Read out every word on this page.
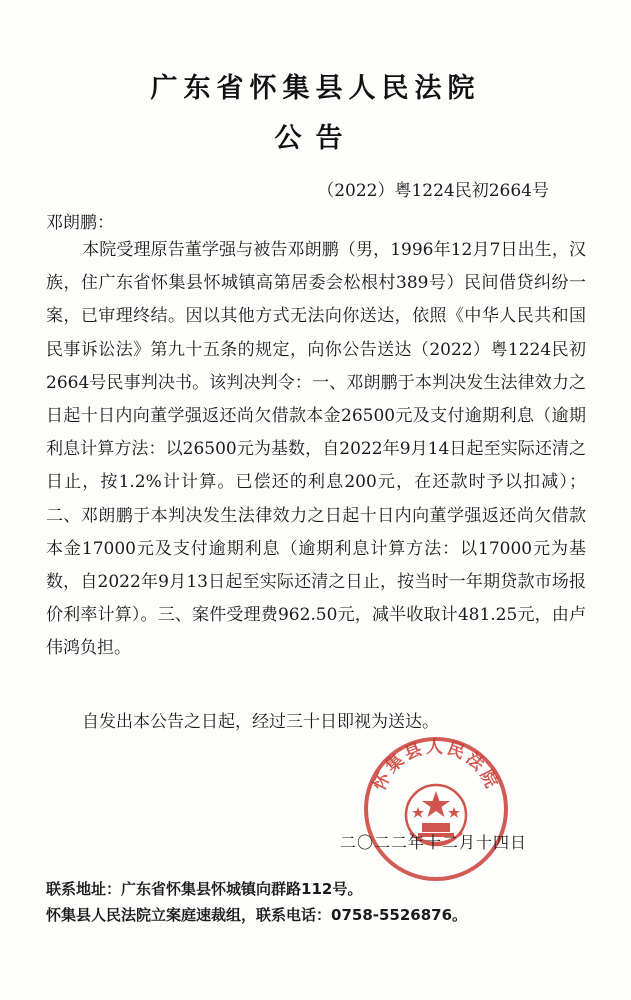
广东省怀集县人民法院
公告
（2022）粤1224民初2664号
邓朗鹏：
本院受理原告董学强与被告邓朗鹏（男，1996年12月7日出生，汉族，住广东省怀集县怀城镇高第居委会松根村389号）民间借贷纠纷一案，已审理终结。因以其他方式无法向你送达，依照《中华人民共和国民事诉讼法》第九十五条的规定，向你公告送达（2022）粤1224民初2664号民事判决书。该判决判令：一、邓朗鹏于本判决发生法律效力之日起十日内向董学强返还尚欠借款本金26500元及支付逾期利息（逾期利息计算方法：以26500元为基数，自2022年9月14日起至实际还清之日止，按1.2%计计算。已偿还的利息200元，在还款时予以扣减）；二、邓朗鹏于本判决发生法律效力之日起十日内向董学强返还尚欠借款本金17000元及支付逾期利息（逾期利息计算方法：以17000元为基数，自2022年9月13日起至实际还清之日止，按当时一年期贷款市场报价利率计算）。三、案件受理费962.50元，减半收取计481.25元，由卢伟鸿负担。
自发出本公告之日起，经过三十日即视为送达。
怀集县人民法院
二〇二二年十二月十四日
联系地址：广东省怀集县怀城镇向群路112号。
怀集县人民法院立案庭速裁组，联系电话：0758-5526876。
